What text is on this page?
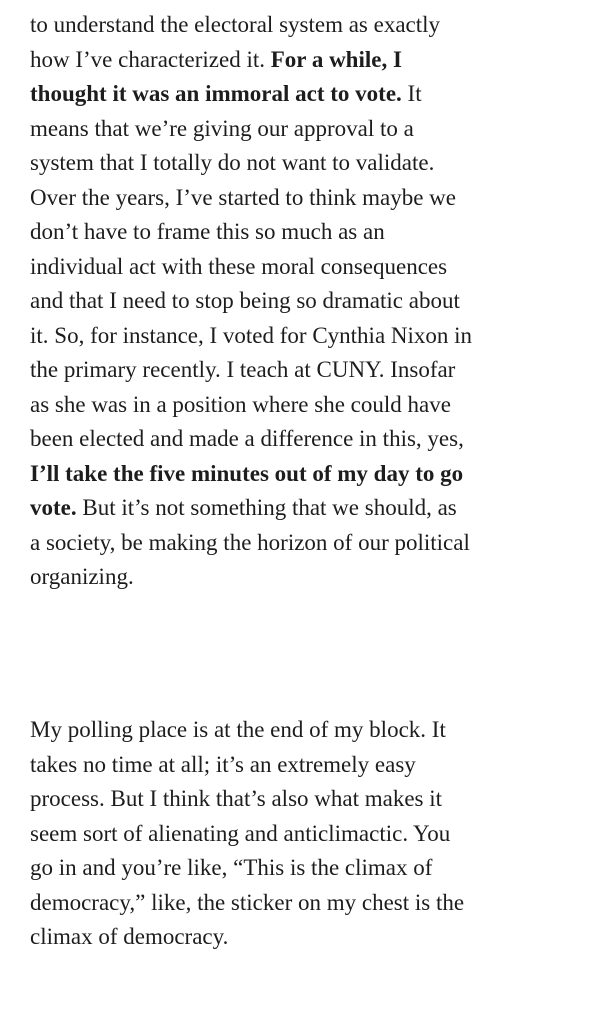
to understand the electoral system as exactly
how I’ve characterized it. For a while, I
thought it was an immoral act to vote. It
means that we’re giving our approval to a
system that I totally do not want to validate.
Over the years, I’ve started to think maybe we
don’t have to frame this so much as an
individual act with these moral consequences
and that I need to stop being so dramatic about
it. So, for instance, I voted for Cynthia Nixon in
the primary recently. I teach at CUNY. Insofar
as she was in a position where she could have
been elected and made a difference in this, yes,
I’ll take the five minutes out of my day to go
vote. But it’s not something that we should, as
a society, be making the horizon of our political
organizing.
My polling place is at the end of my block. It
takes no time at all; it’s an extremely easy
process. But I think that’s also what makes it
seem sort of alienating and anticlimactic. You
go in and you’re like, “This is the climax of
democracy,” like, the sticker on my chest is the
climax of democracy.
